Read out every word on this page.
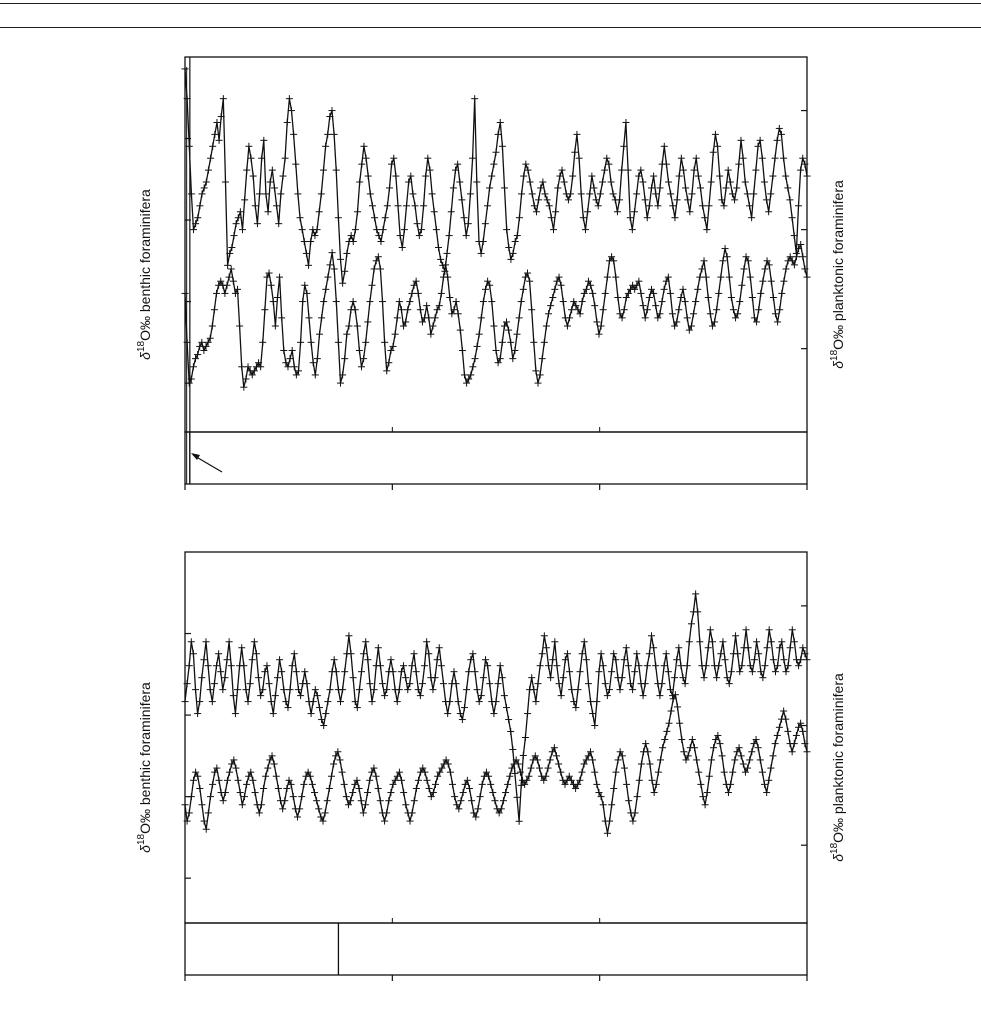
$\delta^{18}O‰$ benthic foraminifera
$\delta^{18}O‰$ planktonic foraminifera
$\delta^{18}O‰$ benthic foraminifera
$\delta^{18}O‰$ planktonic foraminifera
